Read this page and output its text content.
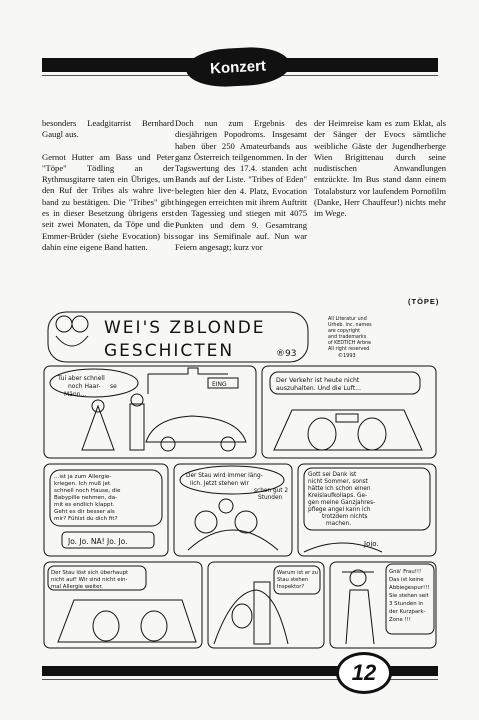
Konzert

besonders Leadgitarrist Bernhard Gaugl aus.

Gernot Hutter am Bass und Peter "Töpe" Tödling an der Rythmusgitarre taten ein Übriges, um den Ruf der Tribes als wahre live-band zu bestätigen. Die "Tribes" gibt es in dieser Besetzung übrigens erst seit zwei Monaten, da Töpe und die Emmer-Brüder (siehe Evocation) bis dahin eine eigene Band hatten.

Doch nun zum Ergebnis des diesjährigen Popodroms. Insgesamt haben über 250 Amateurbands aus ganz Österreich teilgenommen. In der Tagswertung des 17.4. standen acht Bands auf der Liste. "Tribes of Eden" belegten hier den 4. Platz, Evocation hingegen erreichten mit ihrem Auftritt den Tagessieg und stiegen mit 4075 Punkten und dem 9. Gesamtrang sogar ins Semifinale auf. Nun war Feiern angesagt; kurz vor

der Heimreise kam es zum Eklat, als der Sänger der Evocs sämtliche weibliche Gäste der Jugendherberge Wien Brigittenau durch seine nudistischen Anwandlungen entzückte. Im Bus stand dann einem Totalabsturz vor laufendem Pornofilm (Danke, Herr Chauffeur!) nichts mehr im Wege.

(TÖPE)
WEI'S ZBLONDE
GESCHICTEN	®93
All Literatur und
Urheb. inc. names
are copyright
and trademarks
of KEDTICH Arbne
All right reserved
©1993
Tui aber schnell
noch Haar- se
Männ...
EING
Der Verkehr ist heute nicht
auszuhalten. Und die Luft...
...ist ja zum Allergie-
kriegen. Ich muß jet
schnell noch Hause, die
Babypille nehmen, da-
mit es endlich klappt.
Geht es dir besser als
mir? Fühlst du dich fit?
Jo. Jo. NA! Jo. Jo.
Der Stau wird immer läng-
lich. Jetzt stehen wir
schon gut 2
Stunden
Gott sei Dank ist
nicht Sommer, sonst
hätte ich schon einen
Kreislaufkollaps. Ge-
gen meine Ganzjahres-
pflege angel kann ich
trotzdem nichts
machen.
Jojo.
Der Stau löst sich überhaupt
nicht auf! Wir sind nicht ein-
mal Allergie weiter.
Warum ist er zu
Stau stehen
Inspektor?
Gnä' Frau!!!
Das ist keine
Abbiegespur!!!
Sie stehen seit
3 Stunden in
der Kurzpark-
Zone !!!
12
